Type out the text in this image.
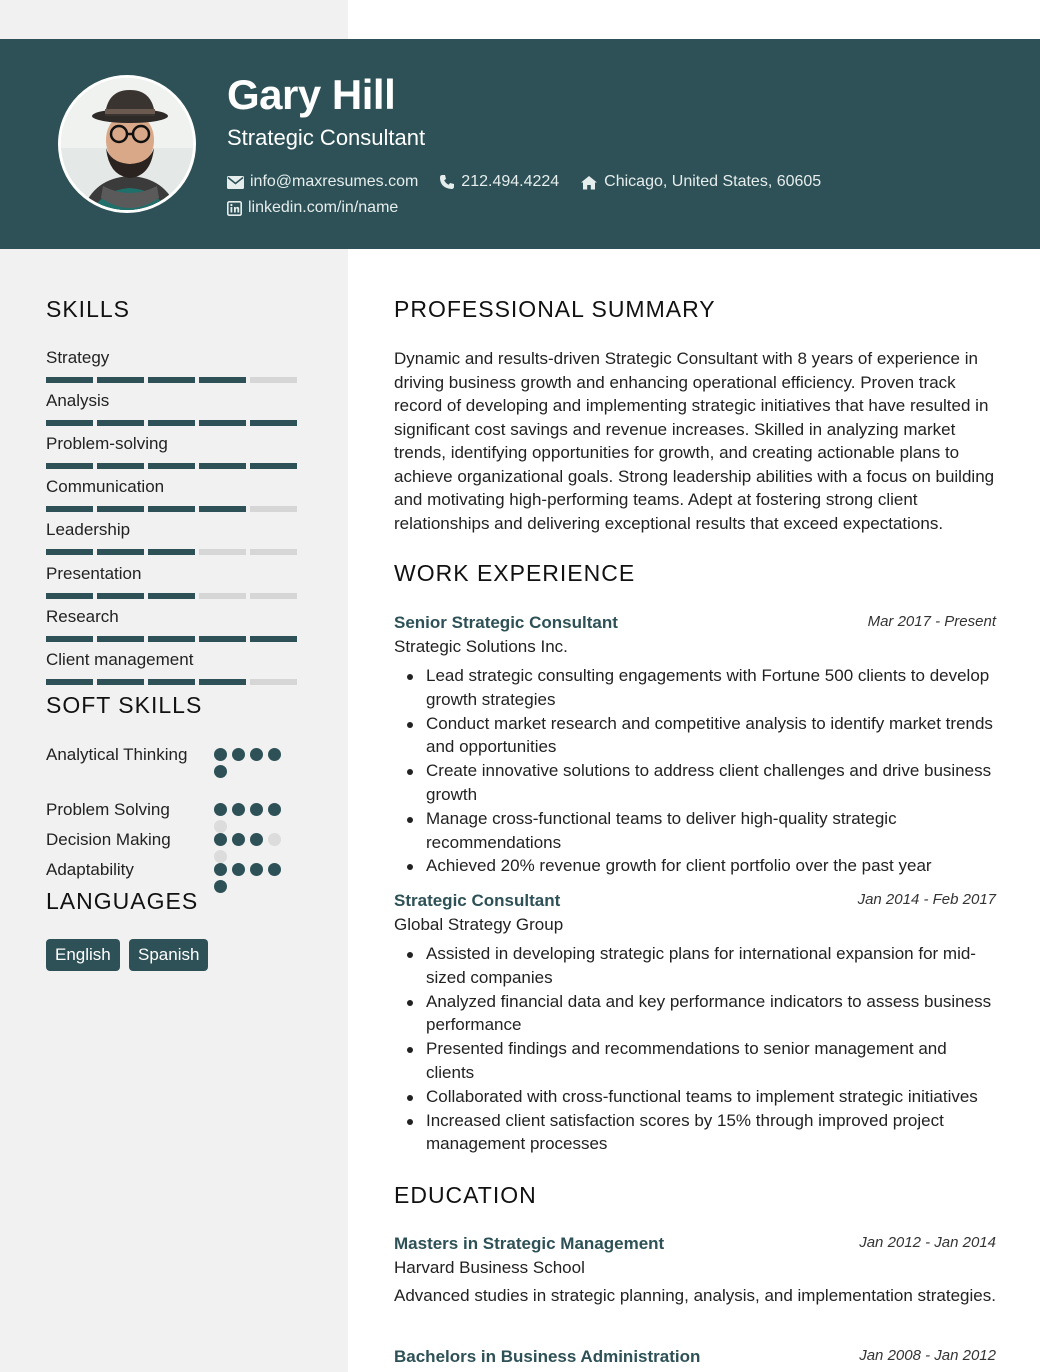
Gary Hill
Strategic Consultant
info@maxresumes.com	212.494.4224	Chicago, United States, 60605
linkedin.com/in/name
SKILLS
Strategy
Analysis
Problem-solving
Communication
Leadership
Presentation
Research
Client management
SOFT SKILLS
Analytical Thinking
Problem Solving
Decision Making
Adaptability
LANGUAGES
English	Spanish
PROFESSIONAL SUMMARY
Dynamic and results-driven Strategic Consultant with 8 years of experience in driving business growth and enhancing operational efficiency. Proven track record of developing and implementing strategic initiatives that have resulted in significant cost savings and revenue increases. Skilled in analyzing market trends, identifying opportunities for growth, and creating actionable plans to achieve organizational goals. Strong leadership abilities with a focus on building and motivating high-performing teams. Adept at fostering strong client relationships and delivering exceptional results that exceed expectations.
WORK EXPERIENCE
Senior Strategic Consultant	Mar 2017 - Present
Strategic Solutions Inc.
Lead strategic consulting engagements with Fortune 500 clients to develop growth strategies
Conduct market research and competitive analysis to identify market trends and opportunities
Create innovative solutions to address client challenges and drive business growth
Manage cross-functional teams to deliver high-quality strategic recommendations
Achieved 20% revenue growth for client portfolio over the past year
Strategic Consultant	Jan 2014 - Feb 2017
Global Strategy Group
Assisted in developing strategic plans for international expansion for mid-sized companies
Analyzed financial data and key performance indicators to assess business performance
Presented findings and recommendations to senior management and clients
Collaborated with cross-functional teams to implement strategic initiatives
Increased client satisfaction scores by 15% through improved project management processes
EDUCATION
Masters in Strategic Management	Jan 2012 - Jan 2014
Harvard Business School
Advanced studies in strategic planning, analysis, and implementation strategies.
Bachelors in Business Administration	Jan 2008 - Jan 2012
